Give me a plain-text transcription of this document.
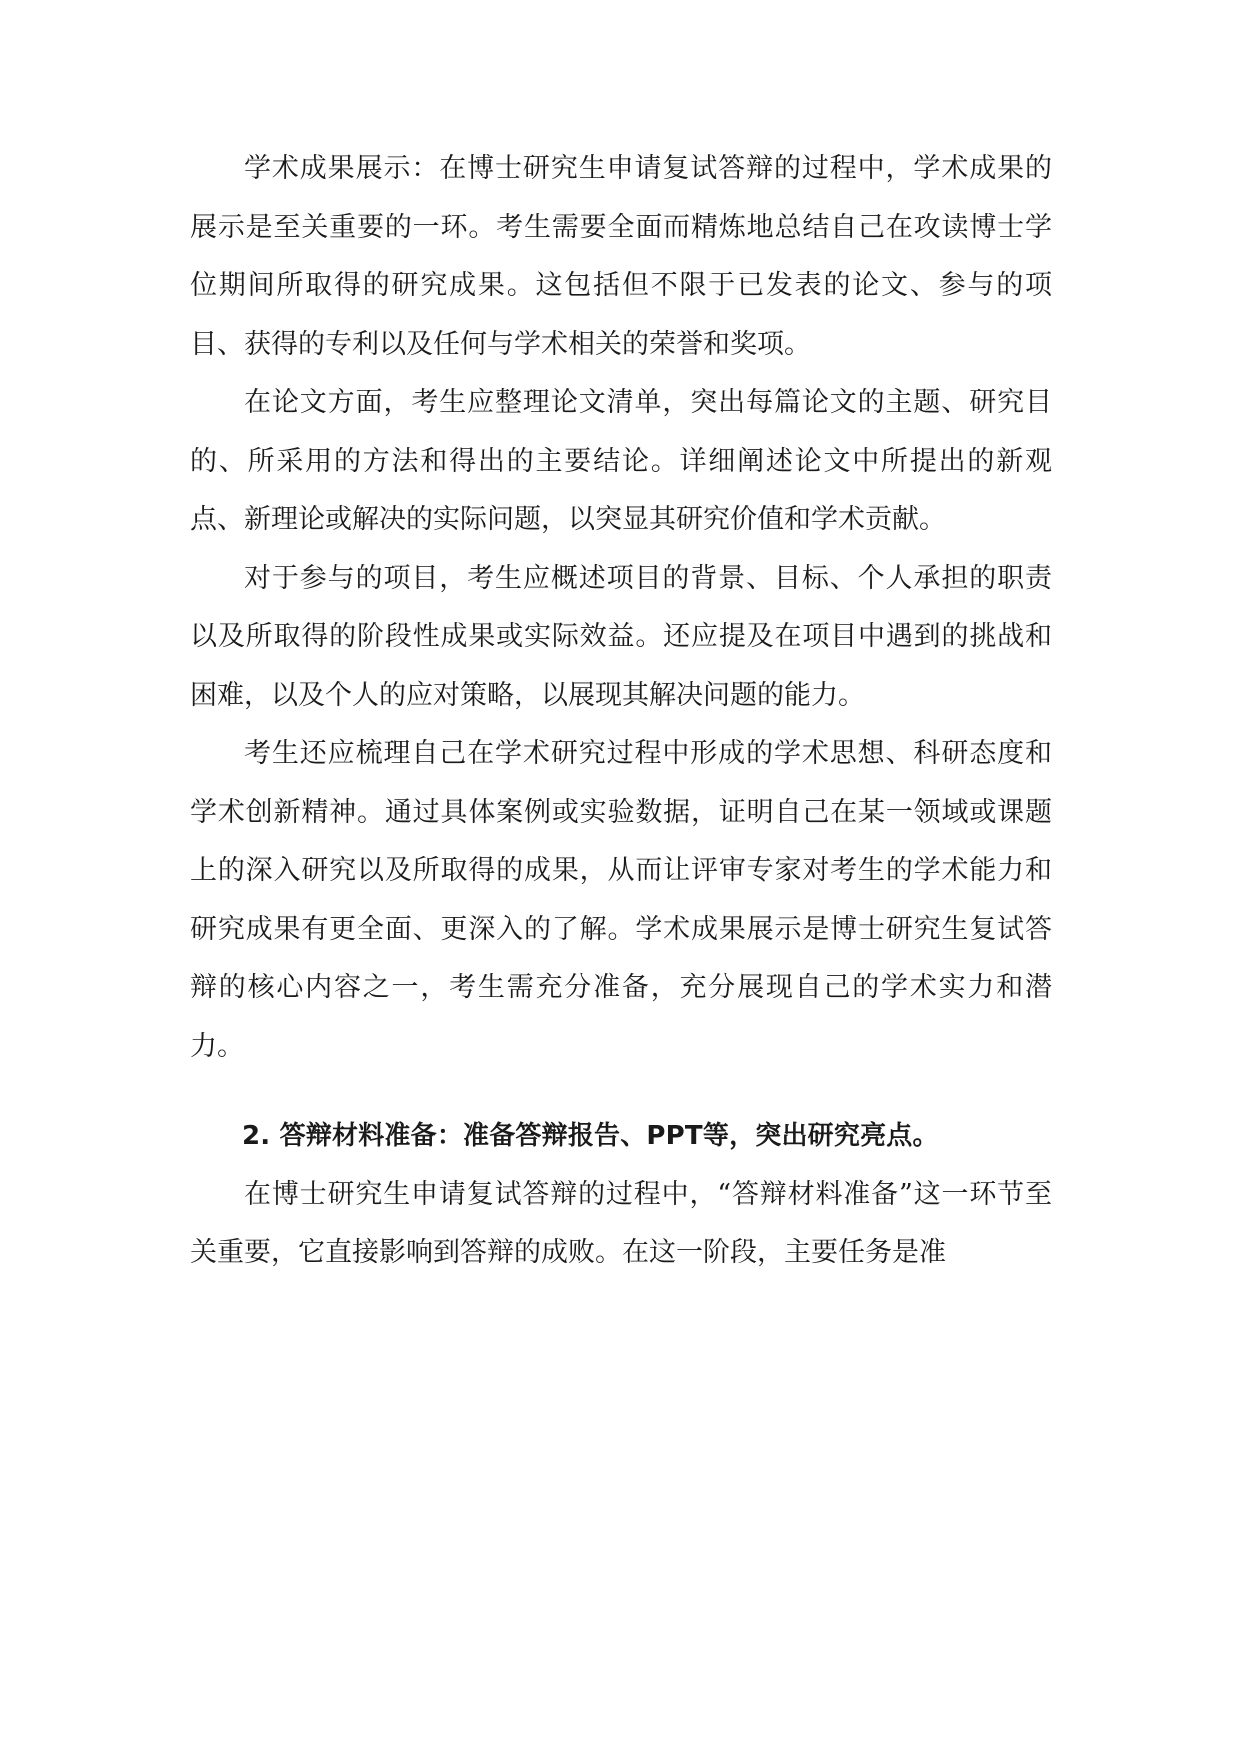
学术成果展示：在博士研究生申请复试答辩的过程中，学术成果的展示是至关重要的一环。考生需要全面而精炼地总结自己在攻读博士学位期间所取得的研究成果。这包括但不限于已发表的论文、参与的项目、获得的专利以及任何与学术相关的荣誉和奖项。

在论文方面，考生应整理论文清单，突出每篇论文的主题、研究目的、所采用的方法和得出的主要结论。详细阐述论文中所提出的新观点、新理论或解决的实际问题，以突显其研究价值和学术贡献。

对于参与的项目，考生应概述项目的背景、目标、个人承担的职责以及所取得的阶段性成果或实际效益。还应提及在项目中遇到的挑战和困难，以及个人的应对策略，以展现其解决问题的能力。

考生还应梳理自己在学术研究过程中形成的学术思想、科研态度和学术创新精神。通过具体案例或实验数据，证明自己在某一领域或课题上的深入研究以及所取得的成果，从而让评审专家对考生的学术能力和研究成果有更全面、更深入的了解。学术成果展示是博士研究生复试答辩的核心内容之一，考生需充分准备，充分展现自己的学术实力和潜力。

2. 答辩材料准备：准备答辩报告、PPT等，突出研究亮点。

在博士研究生申请复试答辩的过程中，“答辩材料准备”这一环节至关重要，它直接影响到答辩的成败。在这一阶段，主要任务是准
